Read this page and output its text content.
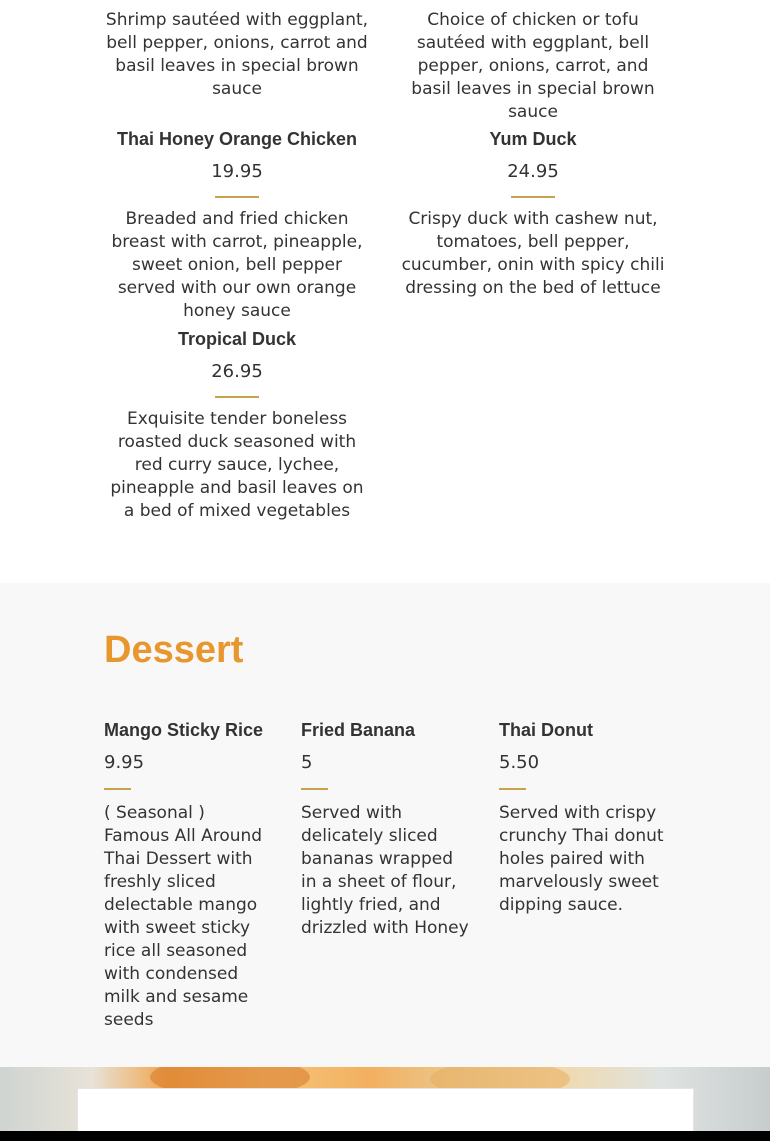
Shrimp sautéed with eggplant, bell pepper, onions, carrot and basil leaves in special brown sauce
Choice of chicken or tofu sautéed with eggplant, bell pepper, onions, carrot, and basil leaves in special brown sauce
Thai Honey Orange Chicken
19.95
Breaded and fried chicken breast with carrot, pineapple, sweet onion, bell pepper served with our own orange honey sauce
Yum Duck
24.95
Crispy duck with cashew nut, tomatoes, bell pepper, cucumber, onin with spicy chili dressing on the bed of lettuce
Tropical Duck
26.95
Exquisite tender boneless roasted duck seasoned with red curry sauce, lychee, pineapple and basil leaves on a bed of mixed vegetables
Dessert
Mango Sticky Rice
9.95
( Seasonal ) Famous All Around Thai Dessert with freshly sliced delectable mango with sweet sticky rice all seasoned with condensed milk and sesame seeds
Fried Banana
5
Served with delicately sliced bananas wrapped in a sheet of flour, lightly fried, and drizzled with Honey
Thai Donut
5.50
Served with crispy crunchy Thai donut holes paired with marvelously sweet dipping sauce.
